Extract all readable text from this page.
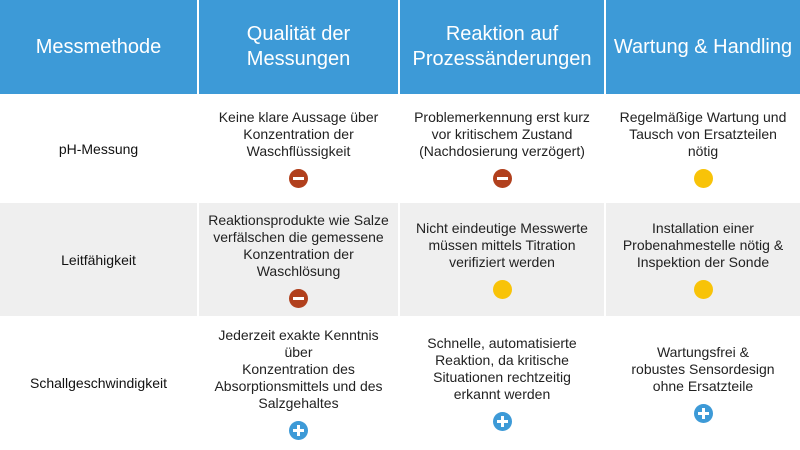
Messmethode
Qualität der
Messungen
Reaktion auf
Prozessänderungen
Wartung & Handling
pH-Messung
Keine klare Aussage über
Konzentration der
Waschflüssigkeit
Problemerkennung erst kurz
vor kritischem Zustand
(Nachdosierung verzögert)
Regelmäßige Wartung und
Tausch von Ersatzteilen
nötig
Leitfähigkeit
Reaktionsprodukte wie Salze
verfälschen die gemessene
Konzentration der
Waschlösung
Nicht eindeutige Messwerte
müssen mittels Titration
verifiziert werden
Installation einer
Probenahmestelle nötig &
Inspektion der Sonde
Schallgeschwindigkeit
Jederzeit exakte Kenntnis über
Konzentration des
Absorptionsmittels und des
Salzgehaltes
Schnelle, automatisierte
Reaktion, da kritische
Situationen rechtzeitig
erkannt werden
Wartungsfrei &
robustes Sensordesign
ohne Ersatzteile
